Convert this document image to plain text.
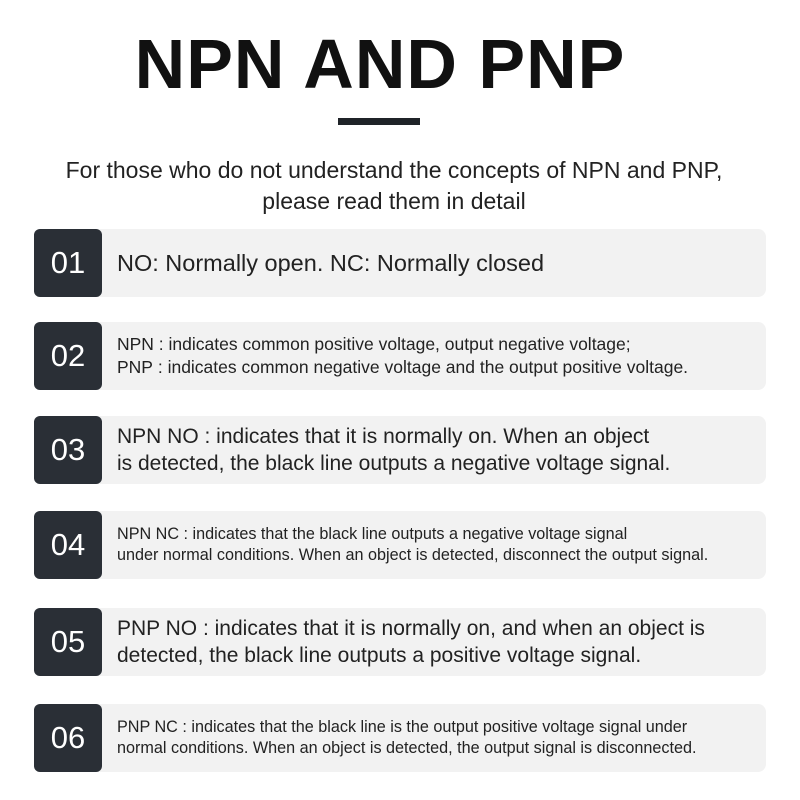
NPN AND PNP
For those who do not understand the concepts of NPN and PNP,
please read them in detail
01	NO: Normally open. NC: Normally closed
02	NPN : indicates common positive voltage, output negative voltage;
PNP : indicates common negative voltage and the output positive voltage.
03	NPN NO : indicates that it is normally on. When an object
is detected, the black line outputs a negative voltage signal.
04	NPN NC : indicates that the black line outputs a negative voltage signal
under normal conditions. When an object is detected, disconnect the output signal.
05	PNP NO : indicates that it is normally on, and when an object is
detected, the black line outputs a positive voltage signal.
06	PNP NC : indicates that the black line is the output positive voltage signal under
normal conditions. When an object is detected, the output signal is disconnected.
